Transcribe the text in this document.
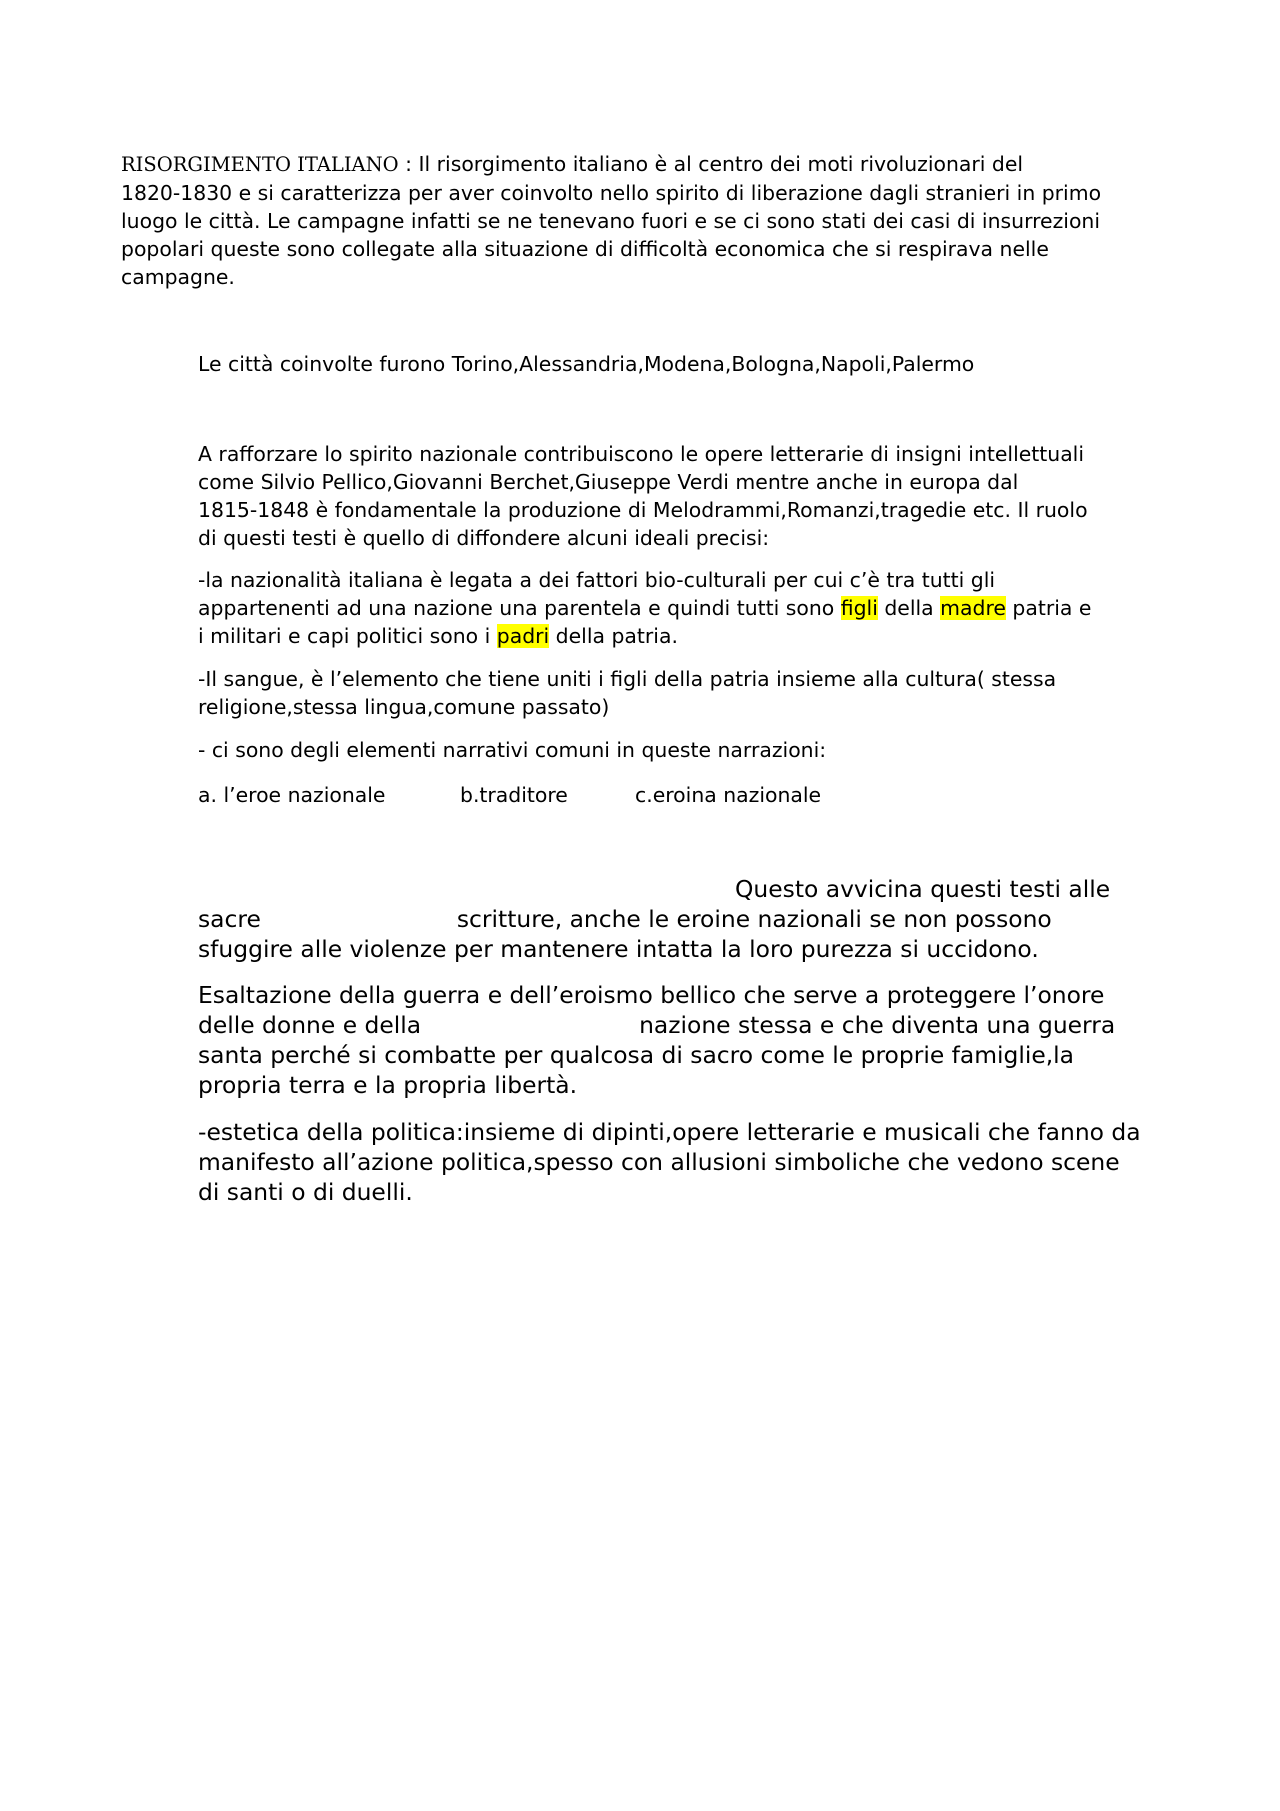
RISORGIMENTO ITALIANO : Il risorgimento italiano è al centro dei moti rivoluzionari del
1820-1830 e si caratterizza per aver coinvolto nello spirito di liberazione dagli stranieri in primo
luogo le città. Le campagne infatti se ne tenevano fuori e se ci sono stati dei casi di insurrezioni
popolari queste sono collegate alla situazione di difficoltà economica che si respirava nelle
campagne.
Le città coinvolte furono Torino,Alessandria,Modena,Bologna,Napoli,Palermo
A rafforzare lo spirito nazionale contribuiscono le opere letterarie di insigni intellettuali
come Silvio Pellico,Giovanni Berchet,Giuseppe Verdi mentre anche in europa dal
1815-1848 è fondamentale la produzione di Melodrammi,Romanzi,tragedie etc. Il ruolo
di questi testi è quello di diffondere alcuni ideali precisi:
-la nazionalità italiana è legata a dei fattori bio-culturali per cui c’è tra tutti gli
appartenenti ad una nazione una parentela e quindi tutti sono figli della madre patria e
i militari e capi politici sono i padri della patria.
-Il sangue, è l’elemento che tiene uniti i figli della patria insieme alla cultura( stessa
religione,stessa lingua,comune passato)
- ci sono degli elementi narrativi comuni in queste narrazioni:
a. l’eroe nazionale	b.traditore	c.eroina nazionale
Questo avvicina questi testi alle
sacre	scritture, anche le eroine nazionali se non possono
sfuggire alle violenze per mantenere intatta la loro purezza si uccidono.
Esaltazione della guerra e dell’eroismo bellico che serve a proteggere l’onore
delle donne e della	nazione stessa e che diventa una guerra
santa perché si combatte per qualcosa di sacro come le proprie famiglie,la
propria terra e la propria libertà.
-estetica della politica:insieme di dipinti,opere letterarie e musicali che fanno da
manifesto all’azione politica,spesso con allusioni simboliche che vedono scene
di santi o di duelli.
